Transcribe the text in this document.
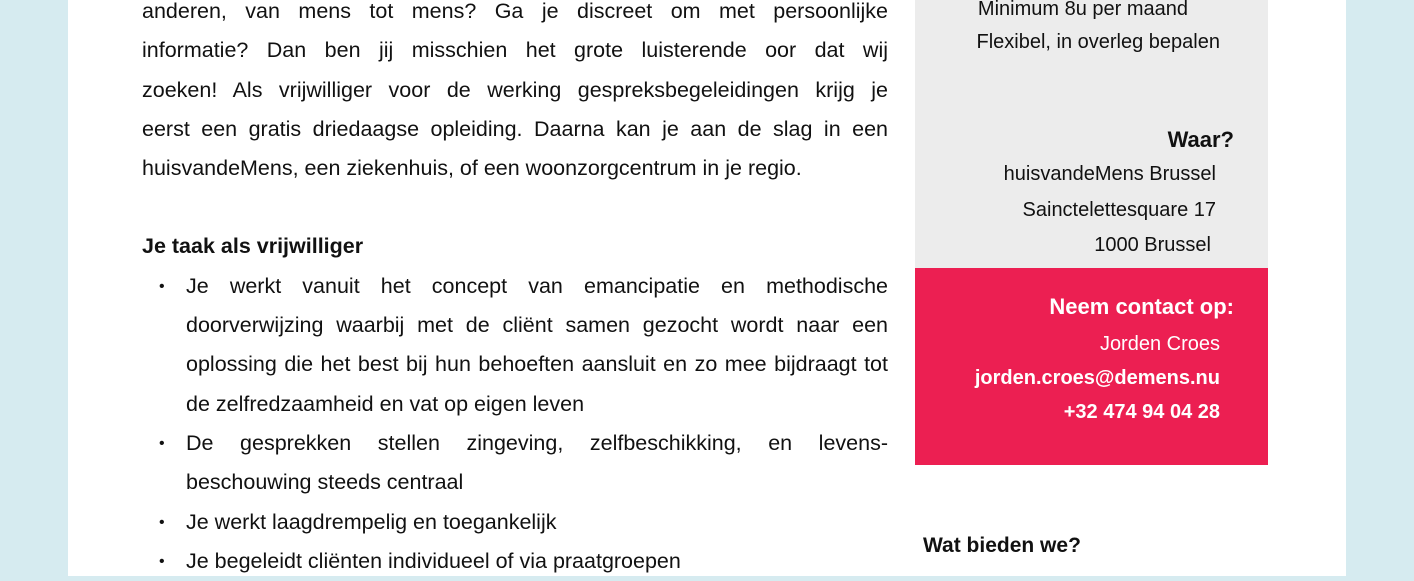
anderen, van mens tot mens? Ga je discreet om met persoonlijke
informatie? Dan ben jij misschien het grote luisterende oor dat wij
zoeken! Als vrijwilliger voor de werking gespreksbegeleidingen krijg je
eerst een gratis driedaagse opleiding. Daarna kan je aan de slag in een
huisvandeMens, een ziekenhuis, of een woonzorgcentrum in je regio.
Je taak als vrijwilliger
• Je werkt vanuit het concept van emancipatie en methodische doorverwijzing waarbij met de cliënt samen gezocht wordt naar een oplossing die het best bij hun behoeften aansluit en zo mee bijdraagt tot de zelfredzaamheid en vat op eigen leven
• De gesprekken stellen zingeving, zelfbeschikking, en levens-beschouwing steeds centraal
• Je werkt laagdrempelig en toegankelijk
• Je begeleidt cliënten individueel of via praatgroepen
Minimum 8u per maand
Flexibel, in overleg bepalen
Waar?
huisvandeMens Brussel
Sainctelettesquare 17
1000 Brussel
Neem contact op:
Jorden Croes
jorden.croes@demens.nu
+32 474 94 04 28
Wat bieden we?
